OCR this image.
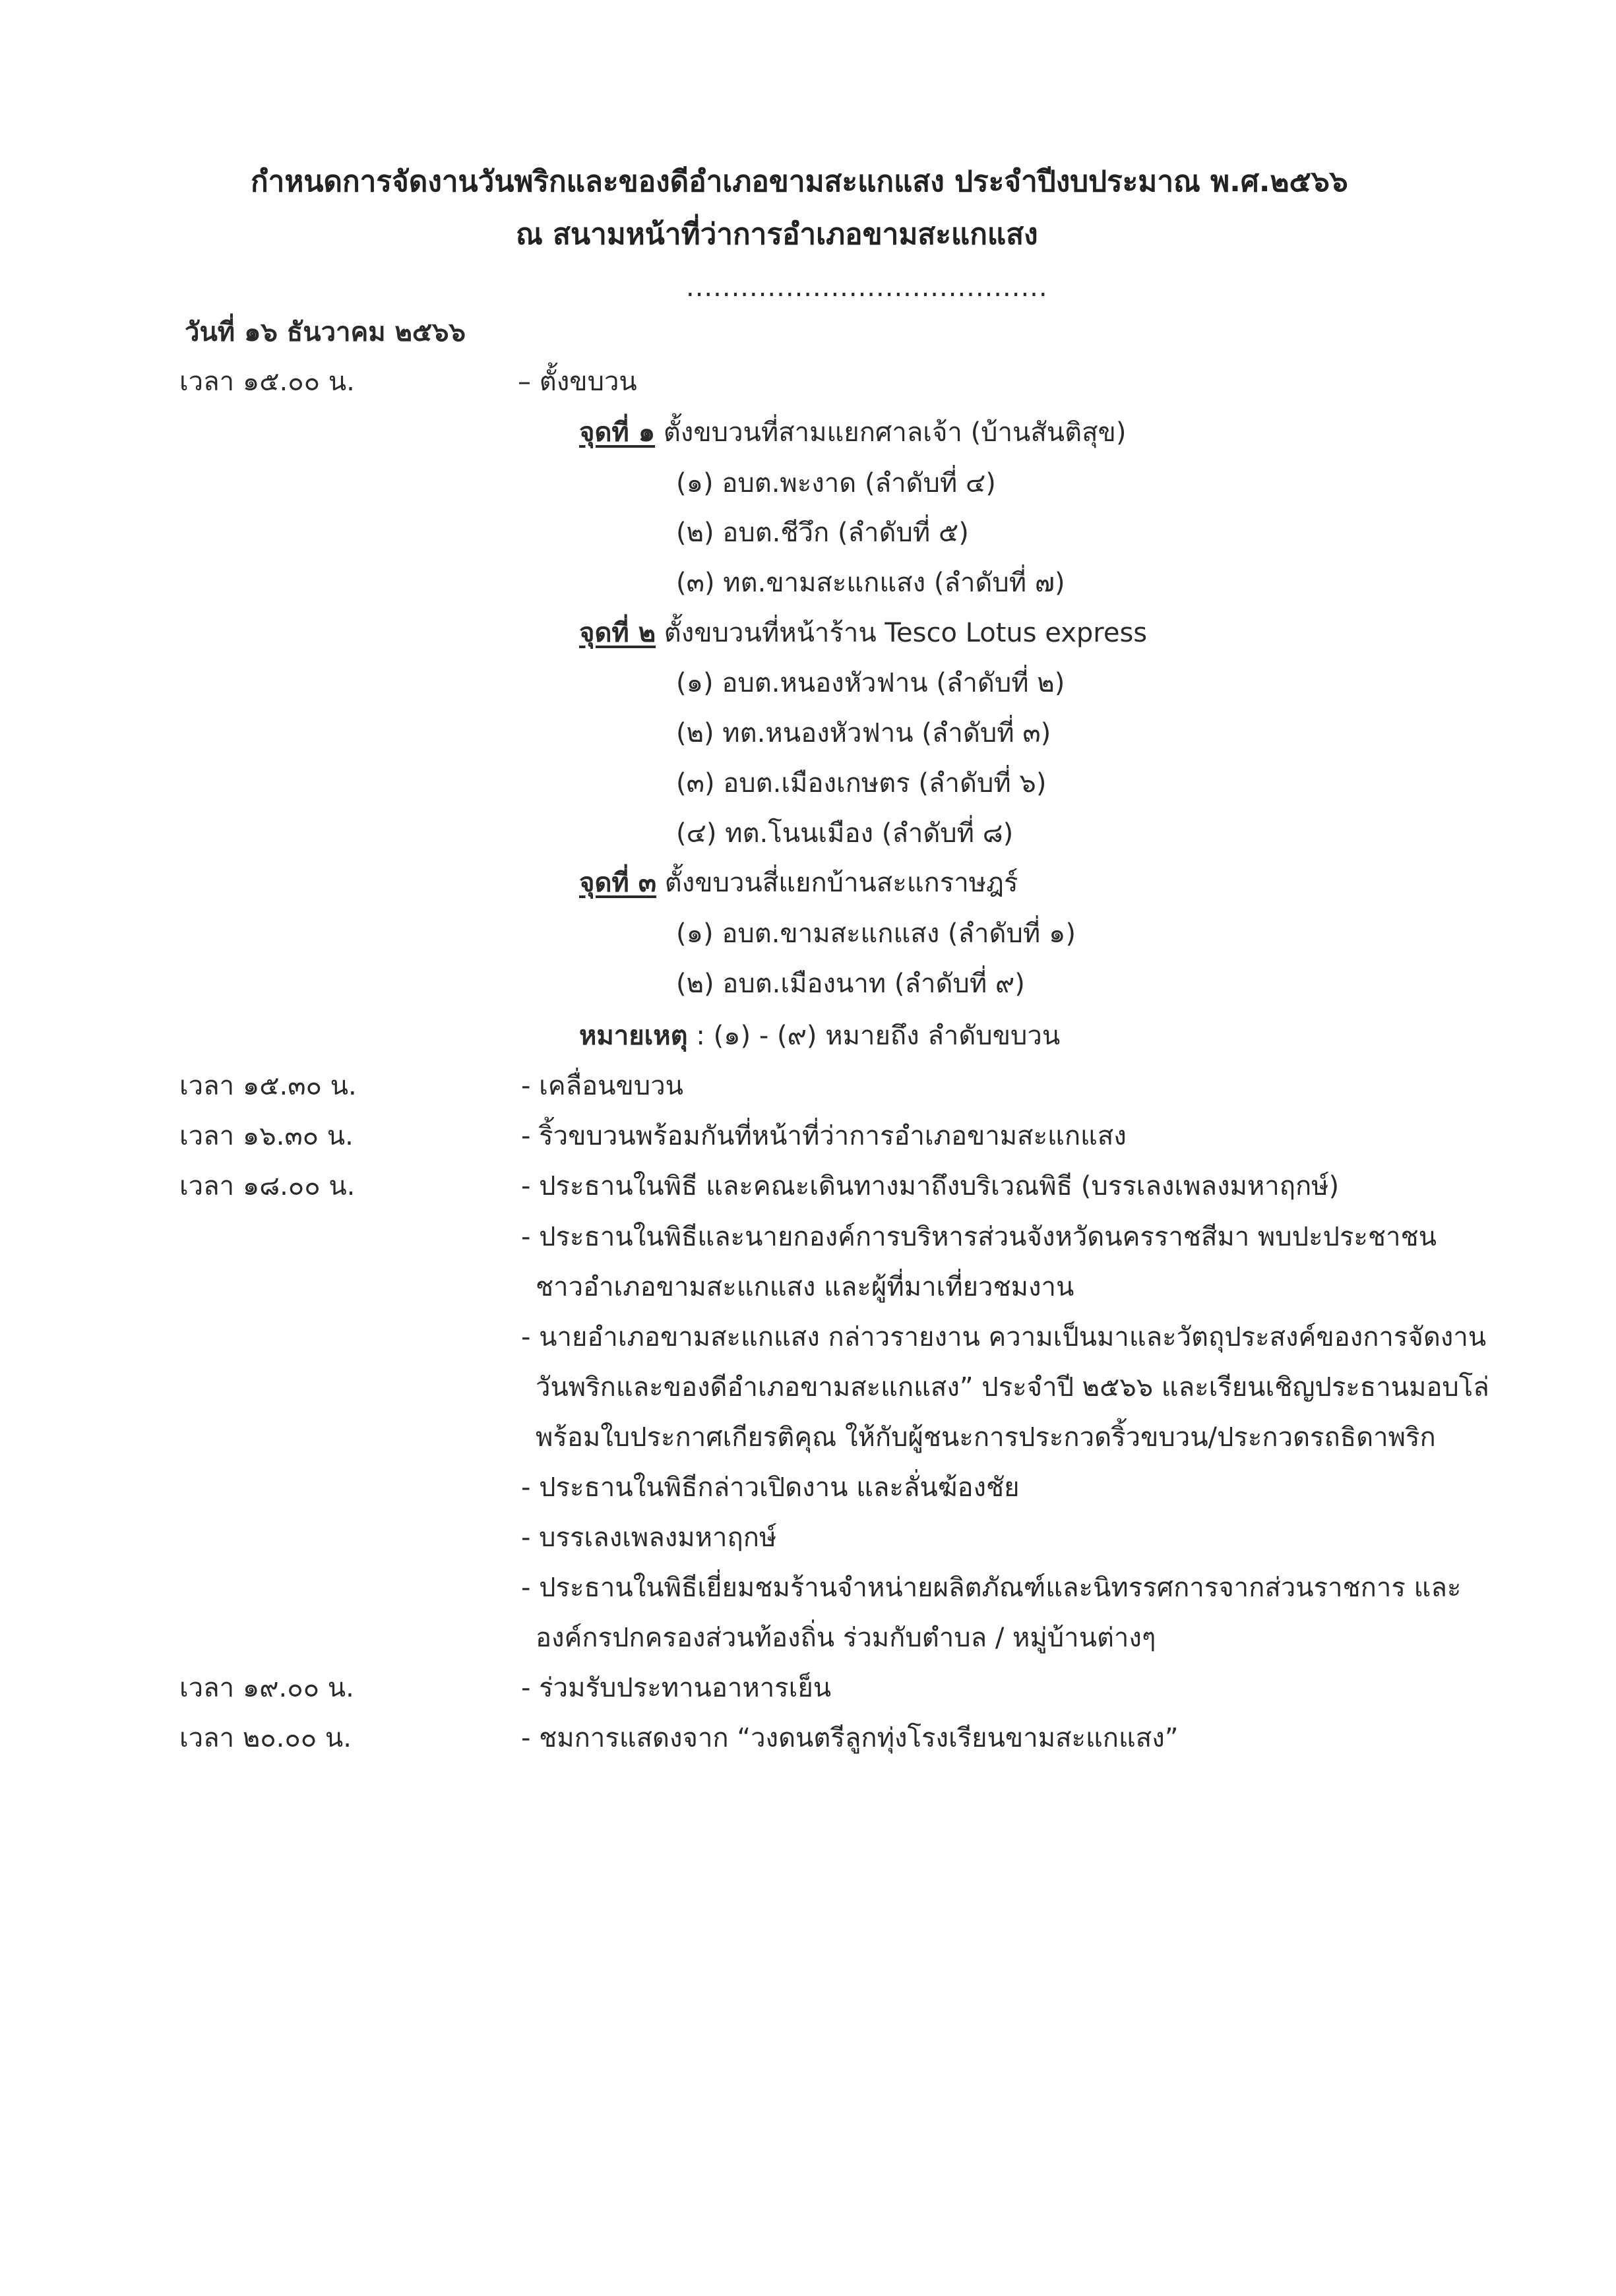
กำหนดการจัดงานวันพริกและของดีอำเภอขามสะแกแสง ประจำปีงบประมาณ พ.ศ.๒๕๖๖
ณ สนามหน้าที่ว่าการอำเภอขามสะแกแสง
........................................
วันที่ ๑๖ ธันวาคม ๒๕๖๖
เวลา ๑๕.๐๐ น.	– ตั้งขบวน
จุดที่ ๑ ตั้งขบวนที่สามแยกศาลเจ้า (บ้านสันติสุข)
(๑) อบต.พะงาด (ลำดับที่ ๔)
(๒) อบต.ชีวึก (ลำดับที่ ๕)
(๓) ทต.ขามสะแกแสง (ลำดับที่ ๗)
จุดที่ ๒ ตั้งขบวนที่หน้าร้าน Tesco Lotus express
(๑) อบต.หนองหัวฟาน (ลำดับที่ ๒)
(๒) ทต.หนองหัวฟาน (ลำดับที่ ๓)
(๓) อบต.เมืองเกษตร (ลำดับที่ ๖)
(๔) ทต.โนนเมือง (ลำดับที่ ๘)
จุดที่ ๓ ตั้งขบวนสี่แยกบ้านสะแกราษฎร์
(๑) อบต.ขามสะแกแสง (ลำดับที่ ๑)
(๒) อบต.เมืองนาท (ลำดับที่ ๙)
หมายเหตุ : (๑) - (๙) หมายถึง ลำดับขบวน
เวลา ๑๕.๓๐ น.	- เคลื่อนขบวน
เวลา ๑๖.๓๐ น.	- ริ้วขบวนพร้อมกันที่หน้าที่ว่าการอำเภอขามสะแกแสง
เวลา ๑๘.๐๐ น.	- ประธานในพิธี และคณะเดินทางมาถึงบริเวณพิธี (บรรเลงเพลงมหาฤกษ์)
- ประธานในพิธีและนายกองค์การบริหารส่วนจังหวัดนครราชสีมา พบปะประชาชน
ชาวอำเภอขามสะแกแสง และผู้ที่มาเที่ยวชมงาน
- นายอำเภอขามสะแกแสง กล่าวรายงาน ความเป็นมาและวัตถุประสงค์ของการจัดงาน
วันพริกและของดีอำเภอขามสะแกแสง” ประจำปี ๒๕๖๖ และเรียนเชิญประธานมอบโล่
พร้อมใบประกาศเกียรติคุณ ให้กับผู้ชนะการประกวดริ้วขบวน/ประกวดรถธิดาพริก
- ประธานในพิธีกล่าวเปิดงาน และลั่นฆ้องชัย
- บรรเลงเพลงมหาฤกษ์
- ประธานในพิธีเยี่ยมชมร้านจำหน่ายผลิตภัณฑ์และนิทรรศการจากส่วนราชการ และ
องค์กรปกครองส่วนท้องถิ่น ร่วมกับตำบล / หมู่บ้านต่างๆ
เวลา ๑๙.๐๐ น.	- ร่วมรับประทานอาหารเย็น
เวลา ๒๐.๐๐ น.	- ชมการแสดงจาก “วงดนตรีลูกทุ่งโรงเรียนขามสะแกแสง”
